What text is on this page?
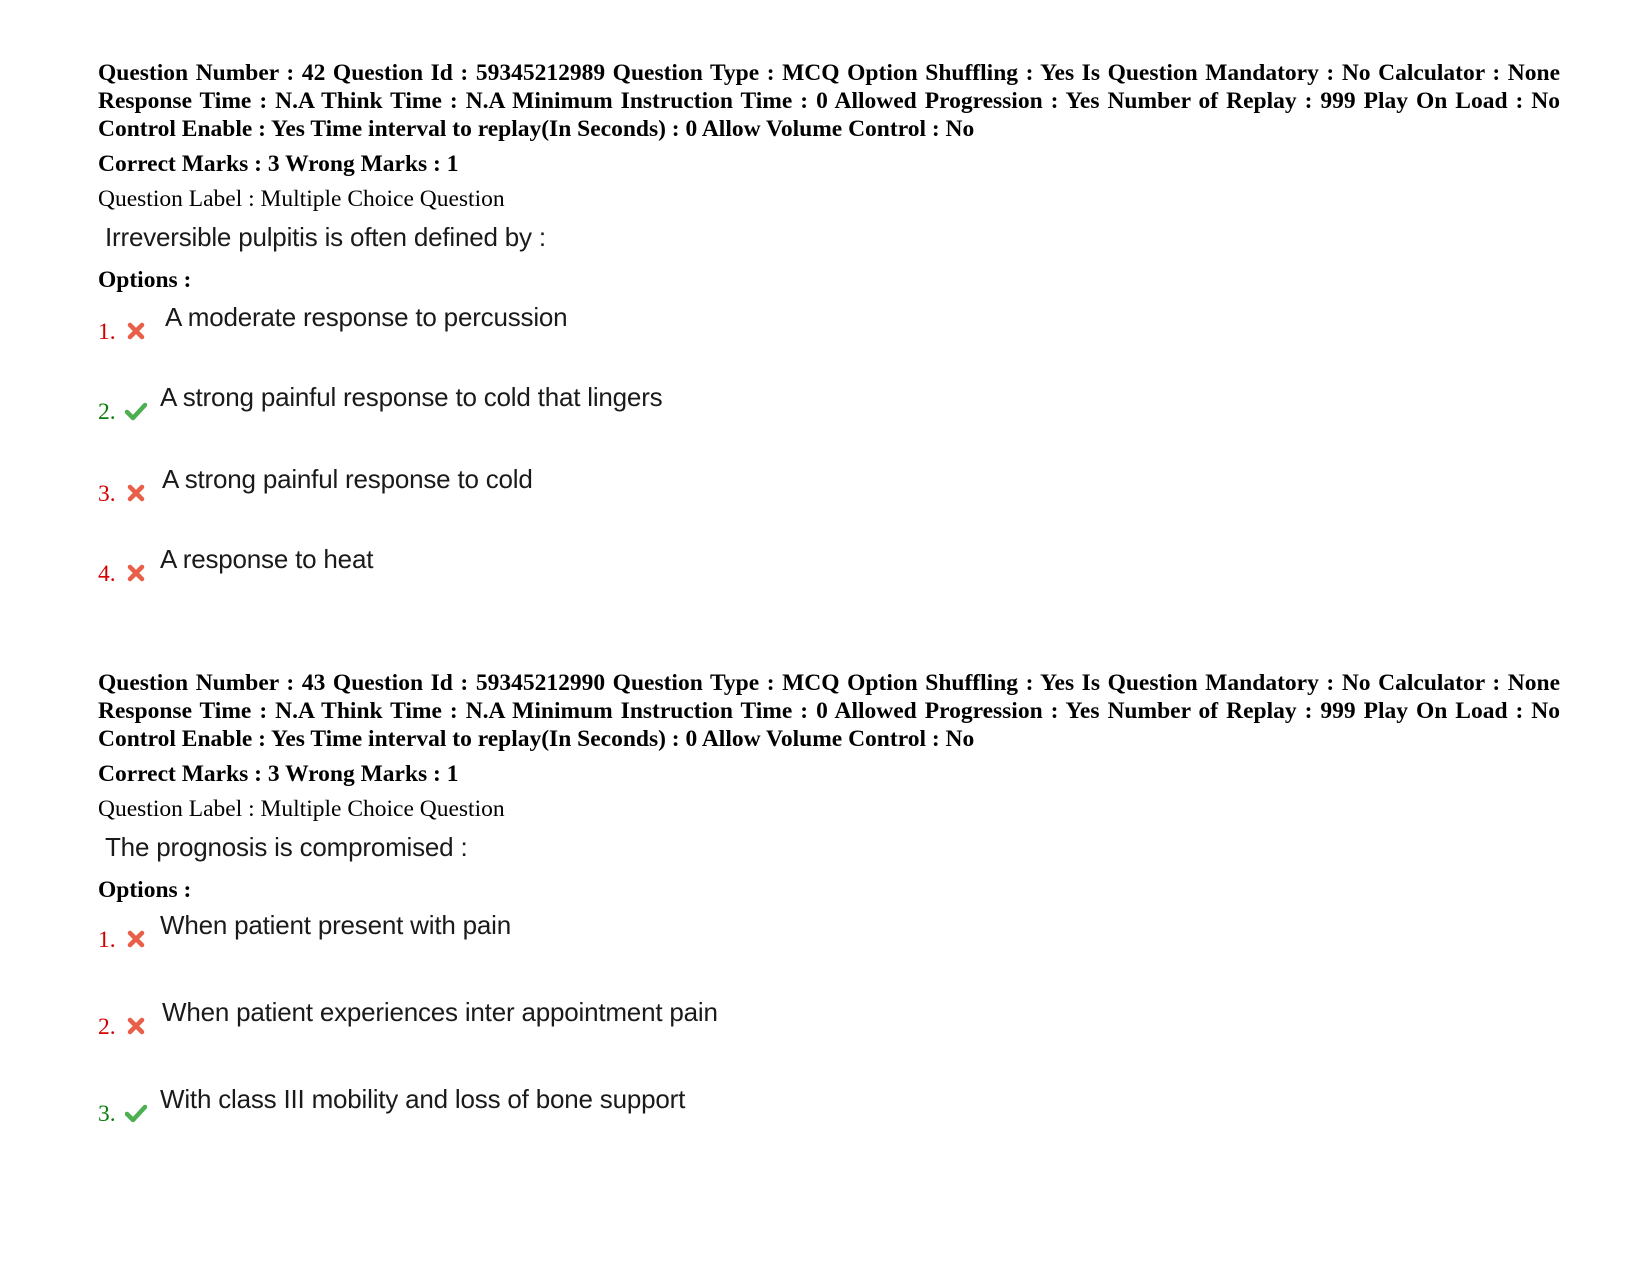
Question Number : 42 Question Id : 59345212989 Question Type : MCQ Option Shuffling : Yes Is Question Mandatory : No Calculator : None Response Time : N.A Think Time : N.A Minimum Instruction Time : 0 Allowed Progression : Yes Number of Replay : 999 Play On Load : No Control Enable : Yes Time interval to replay(In Seconds) : 0 Allow Volume Control : No

Correct Marks : 3 Wrong Marks : 1

Question Label : Multiple Choice Question

Irreversible pulpitis is often defined by :

Options :

1. A moderate response to percussion
2. A strong painful response to cold that lingers
3. A strong painful response to cold
4. A response to heat

Question Number : 43 Question Id : 59345212990 Question Type : MCQ Option Shuffling : Yes Is Question Mandatory : No Calculator : None Response Time : N.A Think Time : N.A Minimum Instruction Time : 0 Allowed Progression : Yes Number of Replay : 999 Play On Load : No Control Enable : Yes Time interval to replay(In Seconds) : 0 Allow Volume Control : No

Correct Marks : 3 Wrong Marks : 1

Question Label : Multiple Choice Question

The prognosis is compromised :

Options :

1. When patient present with pain
2. When patient experiences inter appointment pain
3. With class III mobility and loss of bone support
